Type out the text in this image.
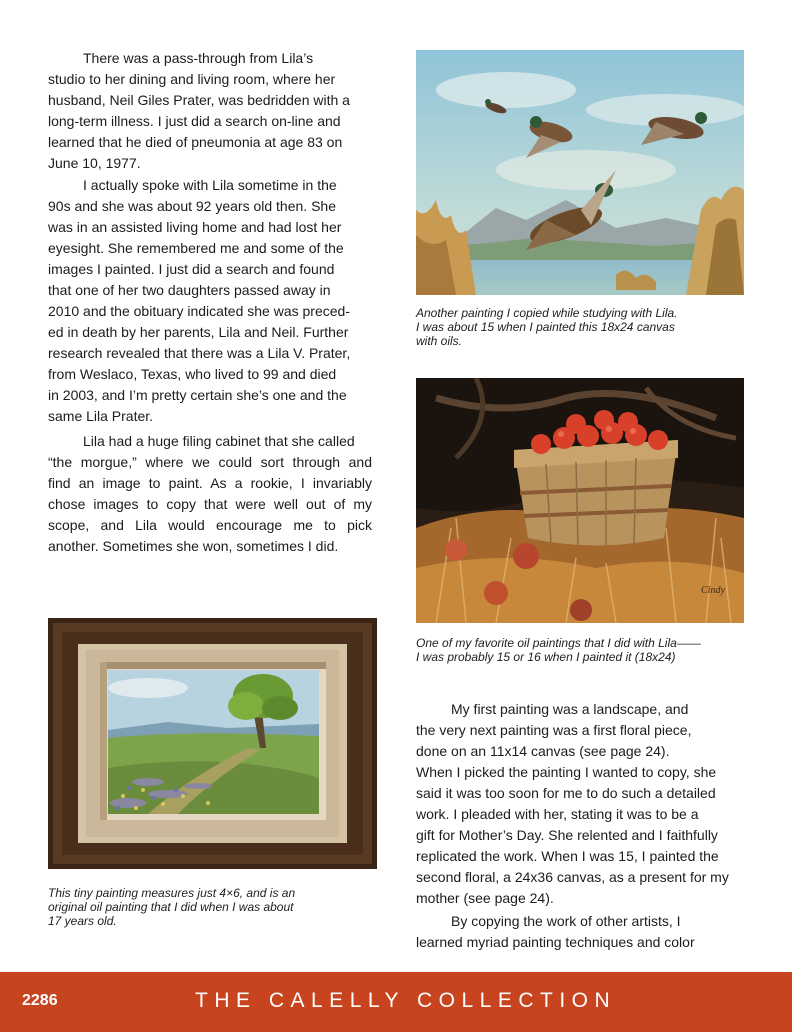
There was a pass-through from Lila’s
studio to her dining and living room, where her
husband, Neil Giles Prater, was bedridden with a
long-term illness. I just did a search on-line and
learned that he died of pneumonia at age 83 on
June 10, 1977.
I actually spoke with Lila sometime in the
90s and she was about 92 years old then. She
was in an assisted living home and had lost her
eyesight. She remembered me and some of the
images I painted. I just did a search and found
that one of her two daughters passed away in
2010 and the obituary indicated she was preced-
ed in death by her parents, Lila and Neil. Further
research revealed that there was a Lila V. Prater,
from Weslaco, Texas, who lived to 99 and died
in 2003, and I’m pretty certain she’s one and the
same Lila Prater.
Lila had a huge filing cabinet that she called
“the morgue,” where we could sort through and
find an image to paint. As a rookie, I invariably
chose images to copy that were well out of my
scope, and Lila would encourage me to pick
another. Sometimes she won, sometimes I did.
Another painting I copied while studying with Lila.
I was about 15 when I painted this 18x24 canvas
with oils.
Cindy
One of my favorite oil paintings that I did with Lila——
I was probably 15 or 16 when I painted it (18x24)
This tiny painting measures just 4×6, and is an
original oil painting that I did when I was about
17 years old.
My first painting was a landscape, and
the very next painting was a first floral piece,
done on an 11x14 canvas (see page 24).
When I picked the painting I wanted to copy, she
said it was too soon for me to do such a detailed
work. I pleaded with her, stating it was to be a
gift for Mother’s Day. She relented and I faithfully
replicated the work. When I was 15, I painted the
second floral, a 24x36 canvas, as a present for my
mother (see page 24).
By copying the work of other artists, I
learned myriad painting techniques and color
2286	THE CALELLY COLLECTION
